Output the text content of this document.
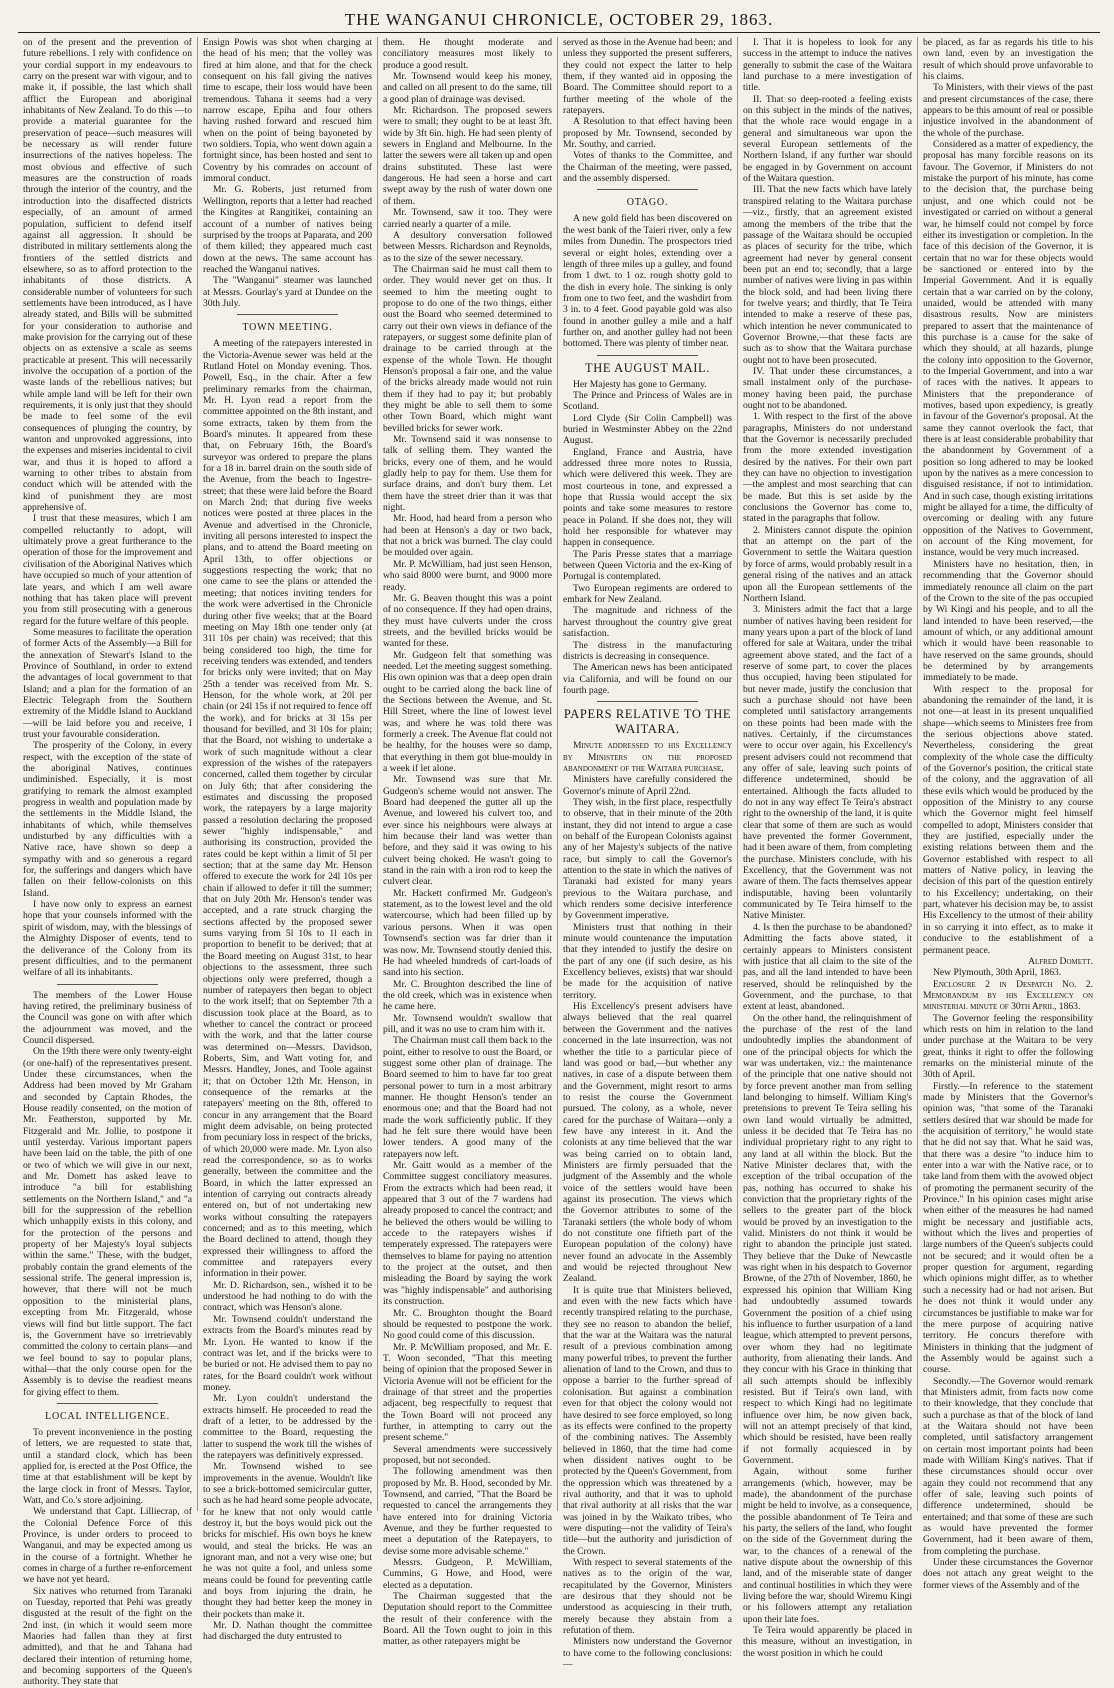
THE WANGANUI CHRONICLE, OCTOBER 29, 1863.

on of the present and the prevention of future rebellions. I rely with confidence on your cordial support in my endeavours to carry on the present war with vigour, and to make it, if possible, the last which shall afflict the European and aboriginal inhabitants of New Zealand. To do this —to provide a material guarantee for the preservation of peace—such measures will be necessary as will render future insurrections of the natives hopeless. The most obvious and effective of such measures are the construction of roads through the interior of the country, and the introduction into the disaffected districts especially, of an amount of armed population, sufficient to defend itself against all aggression. It should be distributed in military settlements along the frontiers of the settled districts and elsewhere, so as to afford protection to the inhabitants of those districts. A considerable number of volunteers for such settlements have been introduced, as I have already stated, and Bills will be submitted for your consideration to authorise and make provision for the carrying out of these objects on as extensive a scale as seems practicable at present. This will necessarily involve the occupation of a portion of the waste lands of the rebellious natives; but while ample land will be left for their own requirements, it is only just that they should be made to feel some of the evil consequences of plunging the country, by wanton and unprovoked aggressions, into the expenses and miseries incidental to civil war, and thus it is hoped to afford a warning to other tribes to abstain from conduct which will be attended with the kind of punishment they are most apprehensive of.

I trust that these measures, which I am compelled reluctantly to adopt, will ultimately prove a great furtherance to the operation of those for the improvement and civilisation of the Aboriginal Natives which have occupied so much of your attention of late years, and which I am well aware nothing that has taken place will prevent you from still prosecuting with a generous regard for the future welfare of this people.

Some measures to facilitate the operation of former Acts of the Assembly—a Bill for the annexation of Stewart's Island to the Province of Southland, in order to extend the advantages of local government to that Island; and a plan for the formation of an Electric Telegraph from the Southern extremity of the Middle Island to Auckland—will be laid before you and receive, I trust your favourable consideration.

The prosperity of the Colony, in every respect, with the exception of the state of the aboriginal Natives, continues undiminished. Especially, it is most gratifying to remark the almost exampled progress in wealth and population made by the settlements in the Middle Island, the inhabitants of which, while themselves undisturbed by any difficulties with a Native race, have shown so deep a sympathy with and so generous a regard for, the sufferings and dangers which have fallen on their fellow-colonists on this Island.

I have now only to express an earnest hope that your counsels informed with the spirit of wisdom, may, with the blessings of the Almighty Disposer of events, tend to the deliverance of the Colony from its present difficulties, and to the permanent welfare of all its inhabitants.

The members of the Lower House having retired, the preliminary business of the Council was gone on with after which the adjournment was moved, and the Council dispersed.

On the 19th there were only twenty-eight (or one-half) of the representatives present. Under these circumstances, when the Address had been moved by Mr Graham and seconded by Captain Rhodes, the House readily consented, on the motion of Mr. Featherston, supported by Mr. Fitzgerald and Mr. Jollie, to postpone it until yesterday. Various important papers have been laid on the table, the pith of one or two of which we will give in our next, and Mr. Domett has asked leave to introduce "a bill for establishing settlements on the Northern Island," and "a bill for the suppression of the rebellion which unhappily exists in this colony, and for the protection of the persons and property of her Majesty's loyal subjects within the same." These, with the budget, probably contain the grand elements of the sessional strife. The general impression is, however, that there will not be much opposition to the ministerial plans, excepting from Mr. Fitzgerald, whose views will find but little support. The fact is, the Government have so irretrievably committed the colony to certain plans—and we feel bound to say to popular plans, withal—that the only course open for the Assembly is to devise the readiest means for giving effect to them.

LOCAL INTELLIGENCE.

To prevent inconvenience in the posting of letters, we are requested to state that, until a standard clock, which has been applied for, is erected at the Post Office, the time at that establishment will be kept by the large clock in front of Messrs. Taylor, Watt, and Co.'s store adjoining.

We understand that Capt. Lilliecrap, of the Colonial Defence Force of this Province, is under orders to proceed to Wanganui, and may be expected among us in the course of a fortnight. Whether he comes in charge of a further re-enforcement we have not yet heard.

Six natives who returned from Taranaki on Tuesday, reported that Pehi was greatly disgusted at the result of the fight on the 2nd inst. (in which it would seem more Maories had fallen than they at first admitted), and that he and Tahana had declared their intention of returning home, and becoming supporters of the Queen's authority. They state that

Ensign Powis was shot when charging at the head of his men; that the volley was fired at him alone, and that for the check consequent on his fall giving the natives time to escape, their loss would have been tremendous. Tahana it seems had a very narrow escape, Epiha and four others having rushed forward and rescued him when on the point of being bayoneted by two soldiers. Topia, who went down again a fortnight since, has been hosted and sent to Coventry by his comrades on account of immoral conduct.

Mr. G. Roberts, just returned from Wellington, reports that a letter had reached the Kingites at Rangitikei, containing an account of a number of natives being surprised by the troops at Paparata, and 200 of them killed; they appeared much cast down at the news. The same account has reached the Wanganui natives.

The "Wanganui" steamer was launched at Messrs. Gourlay's yard at Dundee on the 30th July.

TOWN MEETING.

A meeting of the ratepayers interested in the Victoria-Avenue sewer was held at the Rutland Hotel on Monday evening. Thos. Powell, Esq., in the chair. After a few preliminary remarks from the chairman, Mr. H. Lyon read a report from the committee appointed on the 8th instant, and some extracts, taken by them from the Board's minutes. It appeared from these that, on February 16th, the Board's surveyor was ordered to prepare the plans for a 18 in. barrel drain on the south side of the Avenue, from the beach to Ingestre-street; that these were laid before the Board on March 2nd; that during five weeks notices were posted at three places in the Avenue and advertised in the Chronicle, inviting all persons interested to inspect the plans, and to attend the Board meeting on April 13th, to offer objections or suggestions respecting the work; that no one came to see the plans or attended the meeting; that notices inviting tenders for the work were advertised in the Chronicle during other five weeks; that at the Board meeting on May 18th one tender only (at 31l 10s per chain) was received; that this being considered too high, the time for receiving tenders was extended, and tenders for bricks only were invited; that on May 25th a tender was received from Mr. S. Henson, for the whole work, at 20l per chain (or 24l 15s if not required to fence off the work), and for bricks at 3l 15s per thousand for bevilled, and 3l 10s for plain; that the Board, not wishing to undertake a work of such magnitude without a clear expression of the wishes of the ratepayers concerned, called them together by circular on July 6th; that after considering the estimates and discussing the proposed work, the ratepayers by a large majority passed a resolution declaring the proposed sewer "highly indispensable," and authorising its construction, provided the rates could be kept within a limit of 5l per section; that at the same day Mr. Henson offered to execute the work for 24l 10s per chain if allowed to defer it till the summer; that on July 20th Mr. Henson's tender was accepted, and a rate struck charging the sections affected by the proposed sewer sums varying from 5l 10s to 1l each in proportion to benefit to be derived; that at the Board meeting on August 31st, to hear objections to the assessment, three such objections only were preferred, though a number of ratepayers then began to object to the work itself; that on September 7th a discussion took place at the Board, as to whether to cancel the contract or proceed with the work, and that the latter course was determined on—Messrs. Davidson, Roberts, Sim, and Watt voting for, and Messrs. Handley, Jones, and Toole against it; that on October 12th Mr. Henson, in consequence of the remarks at the ratepayers' meeting on the 8th, offered to concur in any arrangement that the Board might deem advisable, on being protected from pecuniary loss in respect of the bricks, of which 20,000 were made. Mr. Lyon also read the correspondence, so as to works generally, between the committee and the Board, in which the latter expressed an intention of carrying out contracts already entered on, but of not undertaking new works without consulting the ratepayers concerned; and as to this meeting, which the Board declined to attend, though they expressed their willingness to afford the committee and ratepayers every information in their power.

Mr. D. Richardson, sen., wished it to be understood he had nothing to do with the contract, which was Henson's alone.

Mr. Townsend couldn't understand the extracts from the Board's minutes read by Mr. Lyon. He wanted to know if the contract was let, and if the bricks were to be buried or not. He advised them to pay no rates, for the Board couldn't work without money.

Mr. Lyon couldn't understand the extracts himself. He proceeded to read the draft of a letter, to be addressed by the committee to the Board, requesting the latter to suspend the work till the wishes of the ratepayers was definitively expressed.

Mr. Townsend wished to see improvements in the avenue. Wouldn't like to see a brick-bottomed semicircular gutter, such as he had heard some people advocate, for he knew that not only would cattle destroy it, but the boys would pick out the bricks for mischief. His own boys he knew would, and steal the bricks. He was an ignorant man, and not a very wise one; but he was not quite a fool, and unless some means could be found for preventing cattle and boys from injuring the drain, he thought they had better keep the money in their pockets than make it.

Mr. D. Nathan thought the committee had discharged the duty entrusted to

them. He thought moderate and conciliatory measures most likely to produce a good result.

Mr. Townsend would keep his money, and called on all present to do the same, till a good plan of drainage was devised.

Mr. Richardson. The proposed sewers were to small; they ought to be at least 3ft. wide by 3ft 6in. high. He had seen plenty of sewers in England and Melbourne. In the latter the sewers were all taken up and open drains substituted. These last were dangerous. He had seen a horse and cart swept away by the rush of water down one of them.

Mr. Townsend, saw it too. They were carried nearly a quarter of a mile.

A desultory conversation followed between Messrs. Richardson and Reynolds, as to the size of the sewer necessary.

The Chairman said he must call them to order. They would never get on thus. It seemed to him the meeting ought to propose to do one of the two things, either oust the Board who seemed determined to carry out their own views in defiance of the ratepayers, or suggest some definite plan of drainage to be carried through at the expense of the whole Town. He thought Henson's proposal a fair one, and the value of the bricks already made would not ruin them if they had to pay it; but probably they might be able to sell them to some other Town Board, which might want bevilled bricks for sewer work.

Mr. Townsend said it was nonsense to talk of selling them. They wanted the bricks, every one of them, and he would gladly help to pay for them. Use them for surface drains, and don't bury them. Let them have the street drier than it was that night.

Mr. Hood, had heard from a person who had been at Henson's a day or two back, that not a brick was burned. The clay could be moulded over again.

Mr. P. McWilliam, had just seen Henson, who said 8000 were burnt, and 9000 more ready.

Mr. G. Beaven thought this was a point of no consequence. If they had open drains, they must have culverts under the cross streets, and the bevilled bricks would be wanted for these.

Mr. Gudgeon felt that something was needed. Let the meeting suggest something. His own opinion was that a deep open drain ought to be carried along the back line of the Sections between the Avenue, and St. Hill Street, where the line of lowest level was, and where he was told there was formerly a creek. The Avenue flat could not be healthy, for the houses were so damp, that everything in them got blue-mouldy in a week if let alone.

Mr. Townsend was sure that Mr. Gudgeon's scheme would not answer. The Board had deepened the gutter all up the Avenue, and lowered his culvert too, and ever since his neighbours were always at him because their land was wetter than before, and they said it was owing to his culvert being choked. He wasn't going to stand in the rain with a iron rod to keep the culvert clear.

Mr. Hackett confirmed Mr. Gudgeon's statement, as to the lowest level and the old watercourse, which had been filled up by various persons. When it was open Townsend's section was far drier than it was now. Mr. Townsend stoutly denied this. He had wheeled hundreds of cart-loads of sand into his section.

Mr. C. Broughton described the line of the old creek, which was in existence when he came here.

Mr. Townsend wouldn't swallow that pill, and it was no use to cram him with it.

The Chairman must call them back to the point, either to resolve to oust the Board, or suggest some other plan of drainage. The Board seemed to him to have far too great personal power to turn in a most arbitrary manner. He thought Henson's tender an enormous one; and that the Board had not made the work sufficiently public. If they had he felt sure there would have been lower tenders. A good many of the ratepayers now left.

Mr. Gaitt would as a member of the Committee suggest conciliatory measures. From the extracts which had been read, it appeared that 3 out of the 7 wardens had already proposed to cancel the contract; and he believed the others would be willing to accede to the ratepayers wishes if temperately expressed. The ratepayers were themselves to blame for paying no attention to the project at the outset, and then misleading the Board by saying the work was "highly indispensable" and authorising its construction.

Mr. C. Broughton thought the Board should be requested to postpone the work. No good could come of this discussion.

Mr. P. McWilliam proposed, and Mr. E. T. Woon seconded, "That this meeting being of opinion that the proposed Sewer in Victoria Avenue will not be efficient for the drainage of that street and the properties adjacent, beg respectfully to request that the Town Board will not proceed any further, in attempting to carry out the present scheme."

Several amendments were successively proposed, but not seconded.

The following amendment was then proposed by Mr. B. Hood, seconded by Mr. Townsend, and carried, "That the Board be requested to cancel the arrangements they have entered into for draining Victoria Avenue, and they be further requested to meet a deputation of the Ratepayers, to devise some more advisable scheme."

Messrs. Gudgeon, P. McWilliam, Cummins, G Howe, and Hood, were elected as a deputation.

The Chairman suggested that the Deputation should report to the Committee the result of their conference with the Board. All the Town ought to join in this matter, as other ratepayers might be

served as those in the Avenue had been; and unless they supported the present sufferers, they could not expect the latter to help them, if they wanted aid in opposing the Board. The Committee should report to a further meeting of the whole of the ratepayers.

A Resolution to that effect having been proposed by Mr. Townsend, seconded by Mr. Southy, and carried.

Votes of thanks to the Committee, and the Chairman of the meeting, were passed, and the assembly dispersed.

OTAGO.

A new gold field has been discovered on the west bank of the Taieri river, only a few miles from Dunedin. The prospectors tried several or eight holes, extending over a length of three miles up a gulley, and found from 1 dwt. to 1 oz. rough shotty gold to the dish in every hole. The sinking is only from one to two feet, and the washdirt from 3 in. to 4 feet. Good payable gold was also found in another gulley a mile and a half further on, and another gulley had not been bottomed. There was plenty of timber near.

THE AUGUST MAIL.

Her Majesty has gone to Germany.

The Prince and Princess of Wales are in Scotland.

Lord Clyde (Sir Colin Campbell) was buried in Westminster Abbey on the 22nd August.

England, France and Austria, have addressed three more notes to Russia, which were delivered this week. They are most courteous in tone, and expressed a hope that Russia would accept the six points and take some measures to restore peace in Poland. If she does not, they will hold her responsible for whatever may happen in consequence.

The Paris Presse states that a marriage between Queen Victoria and the ex-King of Portugal is contemplated.

Two European regiments are ordered to embark for New Zealand.

The magnitude and richness of the harvest throughout the country give great satisfaction.

The distress in the manufacturing districts is decreasing in consequence.

The American news has been anticipated via California, and will be found on our fourth page.

PAPERS RELATIVE TO THE WAITARA.

Minute addressed to his Excellency by Ministers on the proposed abandonment of the Waitara purchase.

Ministers have carefully considered the Governor's minute of April 22nd.

They wish, in the first place, respectfully to observe, that in their minute of the 20th instant, they did not intend to argue a case on behalf of the European Colonists against any of her Majesty's subjects of the native race, but simply to call the Governor's attention to the state in which the natives of Taranaki had existed for many years previous to the Waitara purchase, and which renders some decisive interference by Government imperative.

Ministers trust that nothing in their minute would countenance the imputation that they intended to justify the desire on the part of any one (if such desire, as his Excellency believes, exists) that war should be made for the acquisition of native territory.

His Excellency's present advisers have always believed that the real quarrel between the Government and the natives concerned in the late insurrection, was not whether the title to a particular piece of land was good or bad,—but whether any natives, in case of a dispute between them and the Government, might resort to arms to resist the course the Government pursued. The colony, as a whole, never cared for the purchase of Waitara—only a few have any interest in it. And the colonists at any time believed that the war was being carried on to obtain land, Ministers are firmly persuaded that the judgment of the Assembly and the whole voice of the settlers would have been against its prosecution. The views which the Governor attributes to some of the Taranaki settlers (the whole body of whom do not constitute one fiftieth part of the European population of the colony) have never found an advocate in the Assembly and would be rejected throughout New Zealand.

It is quite true that Ministers believed, and even with the new facts which have recently transpired relating to the purchase, they see no reason to abandon the belief, that the war at the Waitara was the natural result of a previous combination among many powerful tribes, to prevent the further alienation of land to the Crown, and thus to oppose a barrier to the further spread of colonisation. But against a combination even for that object the colony would not have desired to see force employed, so long as its effects were confined to the property of the combining natives. The Assembly believed in 1860, that the time had come when dissident natives ought to be protected by the Queen's Government, from the oppression which was threatened by a rival authority, and that it was to uphold that rival authority at all risks that the war was joined in by the Waikato tribes, who were disputing—not the validity of Teira's title—but the authority and jurisdiction of the Crown.

With respect to several statements of the natives as to the origin of the war, recapitulated by the Governor, Ministers are desirous that they should not be understood as acquiescing in their truth, merely because they abstain from a refutation of them.

Ministers now understand the Governor to have come to the following conclusions:—

I. That it is hopeless to look for any success in the attempt to induce the natives generally to submit the case of the Waitara land purchase to a mere investigation of title.

II. That so deep-rooted a feeling exists on this subject in the minds of the natives, that the whole race would engage in a general and simultaneous war upon the several European settlements of the Northern Island, if any further war should be engaged in by Government on account of the Waitara question.

III. That the new facts which have lately transpired relating to the Waitara purchase—viz., firstly, that an agreement existed among the members of the tribe that the passage of the Waitara should be occupied as places of security for the tribe, which agreement had never by general consent been put an end to; secondly, that a large number of natives were living in pas within the block sold, and had been living there for twelve years; and thirdly, that Te Teira intended to make a reserve of these pas, which intention he never communicated to Governor Browne,—that these facts are such as to show that the Waitara purchase ought not to have been prosecuted.

IV. That under these circumstances, a small instalment only of the purchase-money having been paid, the purchase ought not to be abandoned.

1. With respect to the first of the above paragraphs, Ministers do not understand that the Governor is necessarily precluded from the more extended investigation desired by the natives. For their own part they can have no objection to investigation—the amplest and most searching that can be made. But this is set aside by the conclusions the Governor has come to, stated in the paragraphs that follow.

2. Ministers cannot dispute the opinion that an attempt on the part of the Government to settle the Waitara question by force of arms, would probably result in a general rising of the natives and an attack upon all the European settlements of the Northern Island.

3. Ministers admit the fact that a large number of natives having been resident for many years upon a part of the block of land offered for sale at Waitara, under the tribal agreement above stated, and the fact of a reserve of some part, to cover the places thus occupied, having been stipulated for but never made, justify the conclusion that such a purchase should not have been completed until satisfactory arrangements on these points had been made with the natives. Certainly, if the circumstances were to occur over again, his Excellency's present advisers could not recommend that any offer of sale, leaving such points of difference undetermined, should be entertained. Although the facts alluded to do not in any way effect Te Teira's abstract right to the ownership of the land, it is quite clear that some of them are such as would have prevented the former Government, had it been aware of them, from completing the purchase. Ministers conclude, with his Excellency, that the Government was not aware of them. The facts themselves appear indisputable, having been voluntarily communicated by Te Teira himself to the Native Minister.

4. Is then the purchase to be abandoned? Admitting the facts above stated, it certainly appears to Ministers consistent with justice that all claim to the site of the pas, and all the land intended to have been reserved, should be relinquished by the Government, and the purchase, to that extent at least, abandoned.

On the other hand, the relinquishment of the purchase of the rest of the land undoubtedly implies the abandonment of one of the principal objects for which the war was undertaken, viz.: the maintenance of the principle that one native should not by force prevent another man from selling land belonging to himself. William King's pretensions to prevent Te Teira selling his own land would virtually be admitted, unless it be decided that Te Teira has no individual proprietary right to any right to any land at all within the block. But the Native Minister declares that, with the exception of the tribal occupation of the pas, nothing has occurred to shake his conviction that the proprietary rights of the sellers to the greater part of the block would be proved by an investigation to the valid. Ministers do not think it would be right to abandon the principle just stated. They believe that the Duke of Newcastle was right when in his despatch to Governor Browne, of the 27th of November, 1860, he expressed his opinion that William King had undoubtedly assumed towards Government the position of a chief using his influence to further usurpation of a land league, which attempted to prevent persons, over whom they had no legitimate authority, from alienating their lands. And they concur with his Grace in thinking that all such attempts should be inflexibly resisted. But if Teira's own land, with respect to which Kingi had no legitimate influence over him, be now given back, will not an attempt precisely of that kind, which should be resisted, have been really if not formally acquiesced in by Government.

Again, without some further arrangements (which, however, may be made), the abandonment of the purchase might be held to involve, as a consequence, the possible abandonment of Te Teira and his party, the sellers of the land, who fought on the side of the Government during the war, to the chances of a renewal of the native dispute about the ownership of this land, and of the miserable state of danger and continual hostilities in which they were living before the war, should Wiremu Kingi or his followers attempt any retaliation upon their late foes.

Te Teira would apparently be placed in this measure, without an investigation, in the worst position in which he could

be placed, as far as regards his title to his own land, even by an investigation the result of which should prove unfavorable to his claims.

To Ministers, with their views of the past and present circumstances of the case, there appears to be this amount of real or possible injustice involved in the abandonment of the whole of the purchase.

Considered as a matter of expediency, the proposal has many forcible reasons on its favour. The Governor, if Ministers do not mistake the purport of his minute, has come to the decision that, the purchase being unjust, and one which could not be investigated or carried on without a general war, he himself could not compel by force either its investigation or completion. In the face of this decision of the Governor, it is certain that no war for these objects would be sanctioned or entered into by the Imperial Government. And it is equally certain that a war carried on by the colony, unaided, would be attended with many disastrous results. Now are ministers prepared to assert that the maintenance of this purchase is a cause for the sake of which they should, at all hazards, plunge the colony into opposition to the Governor, to the Imperial Government, and into a war of races with the natives. It appears to Ministers that the preponderance of motives, based upon expediency, is greatly in favour of the Governor's proposal. At the same they cannot overlook the fact, that there is at least considerable probability that the abandonment by Government of a position so long adhered to may be looked upon by the natives as a mere concession to disguised resistance, if not to intimidation. And in such case, though existing irritations might be allayed for a time, the difficulty of overcoming or dealing with any future opposition of the Natives to Government, on account of the King movement, for instance, would be very much increased.

Ministers have no hesitation, then, in recommending that the Governor should immediately renounce all claim on the part of the Crown to the site of the pas occupied by Wi Kingi and his people, and to all the land intended to have been reserved,—the amount of which, or any additional amount which it would have been reasonable to have reserved on the same grounds, should be determined by by arrangements immediately to be made.

With respect to the proposal for abandoning the remainder of the land, it is not one—at least in its present unqualified shape—which seems to Ministers free from the serious objections above stated. Nevertheless, considering the great complexity of the whole case the difficulty of the Governor's position, the critical state of the colony, and the aggravation of all these evils which would be produced by the opposition of the Ministry to any course which the Governor might feel himself compelled to adopt, Ministers consider that they are justified, especially under the existing relations between them and the Governor established with respect to all matters of Native policy, in leaving the decision of this part of the question entirely to his Excellency; undertaking, on their part, whatever his decision may be, to assist His Excellency to the utmost of their ability in so carrying it into effect, as to make it conducive to the establishment of a permanent peace.

Alfred Domett.

New Plymouth, 30th April, 1863.

Enclosure 2 in Despatch No. 2. Memorandum by his Excellency on ministerial minute of 30th April, 1863.

The Governor feeling the responsibility which rests on him in relation to the land under purchase at the Waitara to be very great, thinks it right to offer the following remarks on the ministerial minute of the 30th of April.

Firstly.—In reference to the statement made by Ministers that the Governor's opinion was, "that some of the Taranaki settlers desired that war should be made for the acquisition of territory," he would state that he did not say that. What he said was, that there was a desire "to induce him to enter into a war with the Native race, or to take land from them with the avowed object of promoting the permanent security of the Province." In his opinion cases might arise when either of the measures he had named might be necessary and justifiable acts, without which the lives and properties of large numbers of the Queen's subjects could not be secured; and it would often be a proper question for argument, regarding which opinions might differ, as to whether such a necessity had or had not arisen. But he does not think it would under any circumstances be justifiable to make war for the mere purpose of acquiring native territory. He concurs therefore with Ministers in thinking that the judgment of the Assembly would be against such a course.

Secondly.—The Governor would remark that Ministers admit, from facts now come to their knowledge, that they conclude that such a purchase as that of the block of land at the Waitara should not have been completed, until satisfactory arrangement on certain most important points had been made with William King's natives. That if these circumstances should occur over again they could not recommend that any offer of sale, leaving such points of difference undetermined, should be entertained; and that some of these are such as would have prevented the former Government, had it been aware of them, from completing the purchase.

Under these circumstances the Governor does not attach any great weight to the former views of the Assembly and of the
